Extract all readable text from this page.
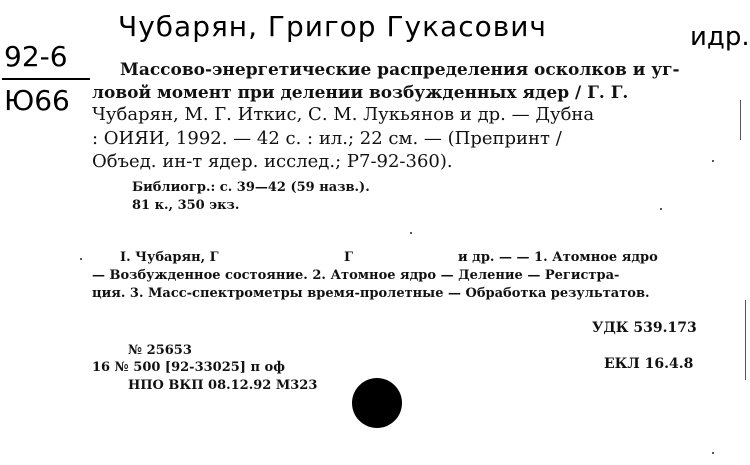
Чубарян, Григор Гукасович	идр.
92-6
Ю66
Массово-энергетические распределения осколков и уг-
ловой момент при делении возбужденных ядер / Г. Г.
Чубарян, М. Г. Иткис, С. М. Лукьянов и др. — Дубна
: ОИЯИ, 1992. — 42 с. : ил.; 22 см. — (Препринт /
Объед. ин-т ядер. исслед.; Р7-92-360).
Библиогр.: с. 39—42 (59 назв.).
81 к., 350 экз.
I. Чубарян, Г	Г	и др. — — 1. Атомное ядро
— Возбужденное состояние. 2. Атомное ядро — Деление — Регистра-
ция. 3. Масс-спектрометры время-пролетные — Обработка результатов.
УДК 539.173
№ 25653
16 № 500 [92-33025] п оф	ЕКЛ 16.4.8
НПО ВКП 08.12.92 М323
